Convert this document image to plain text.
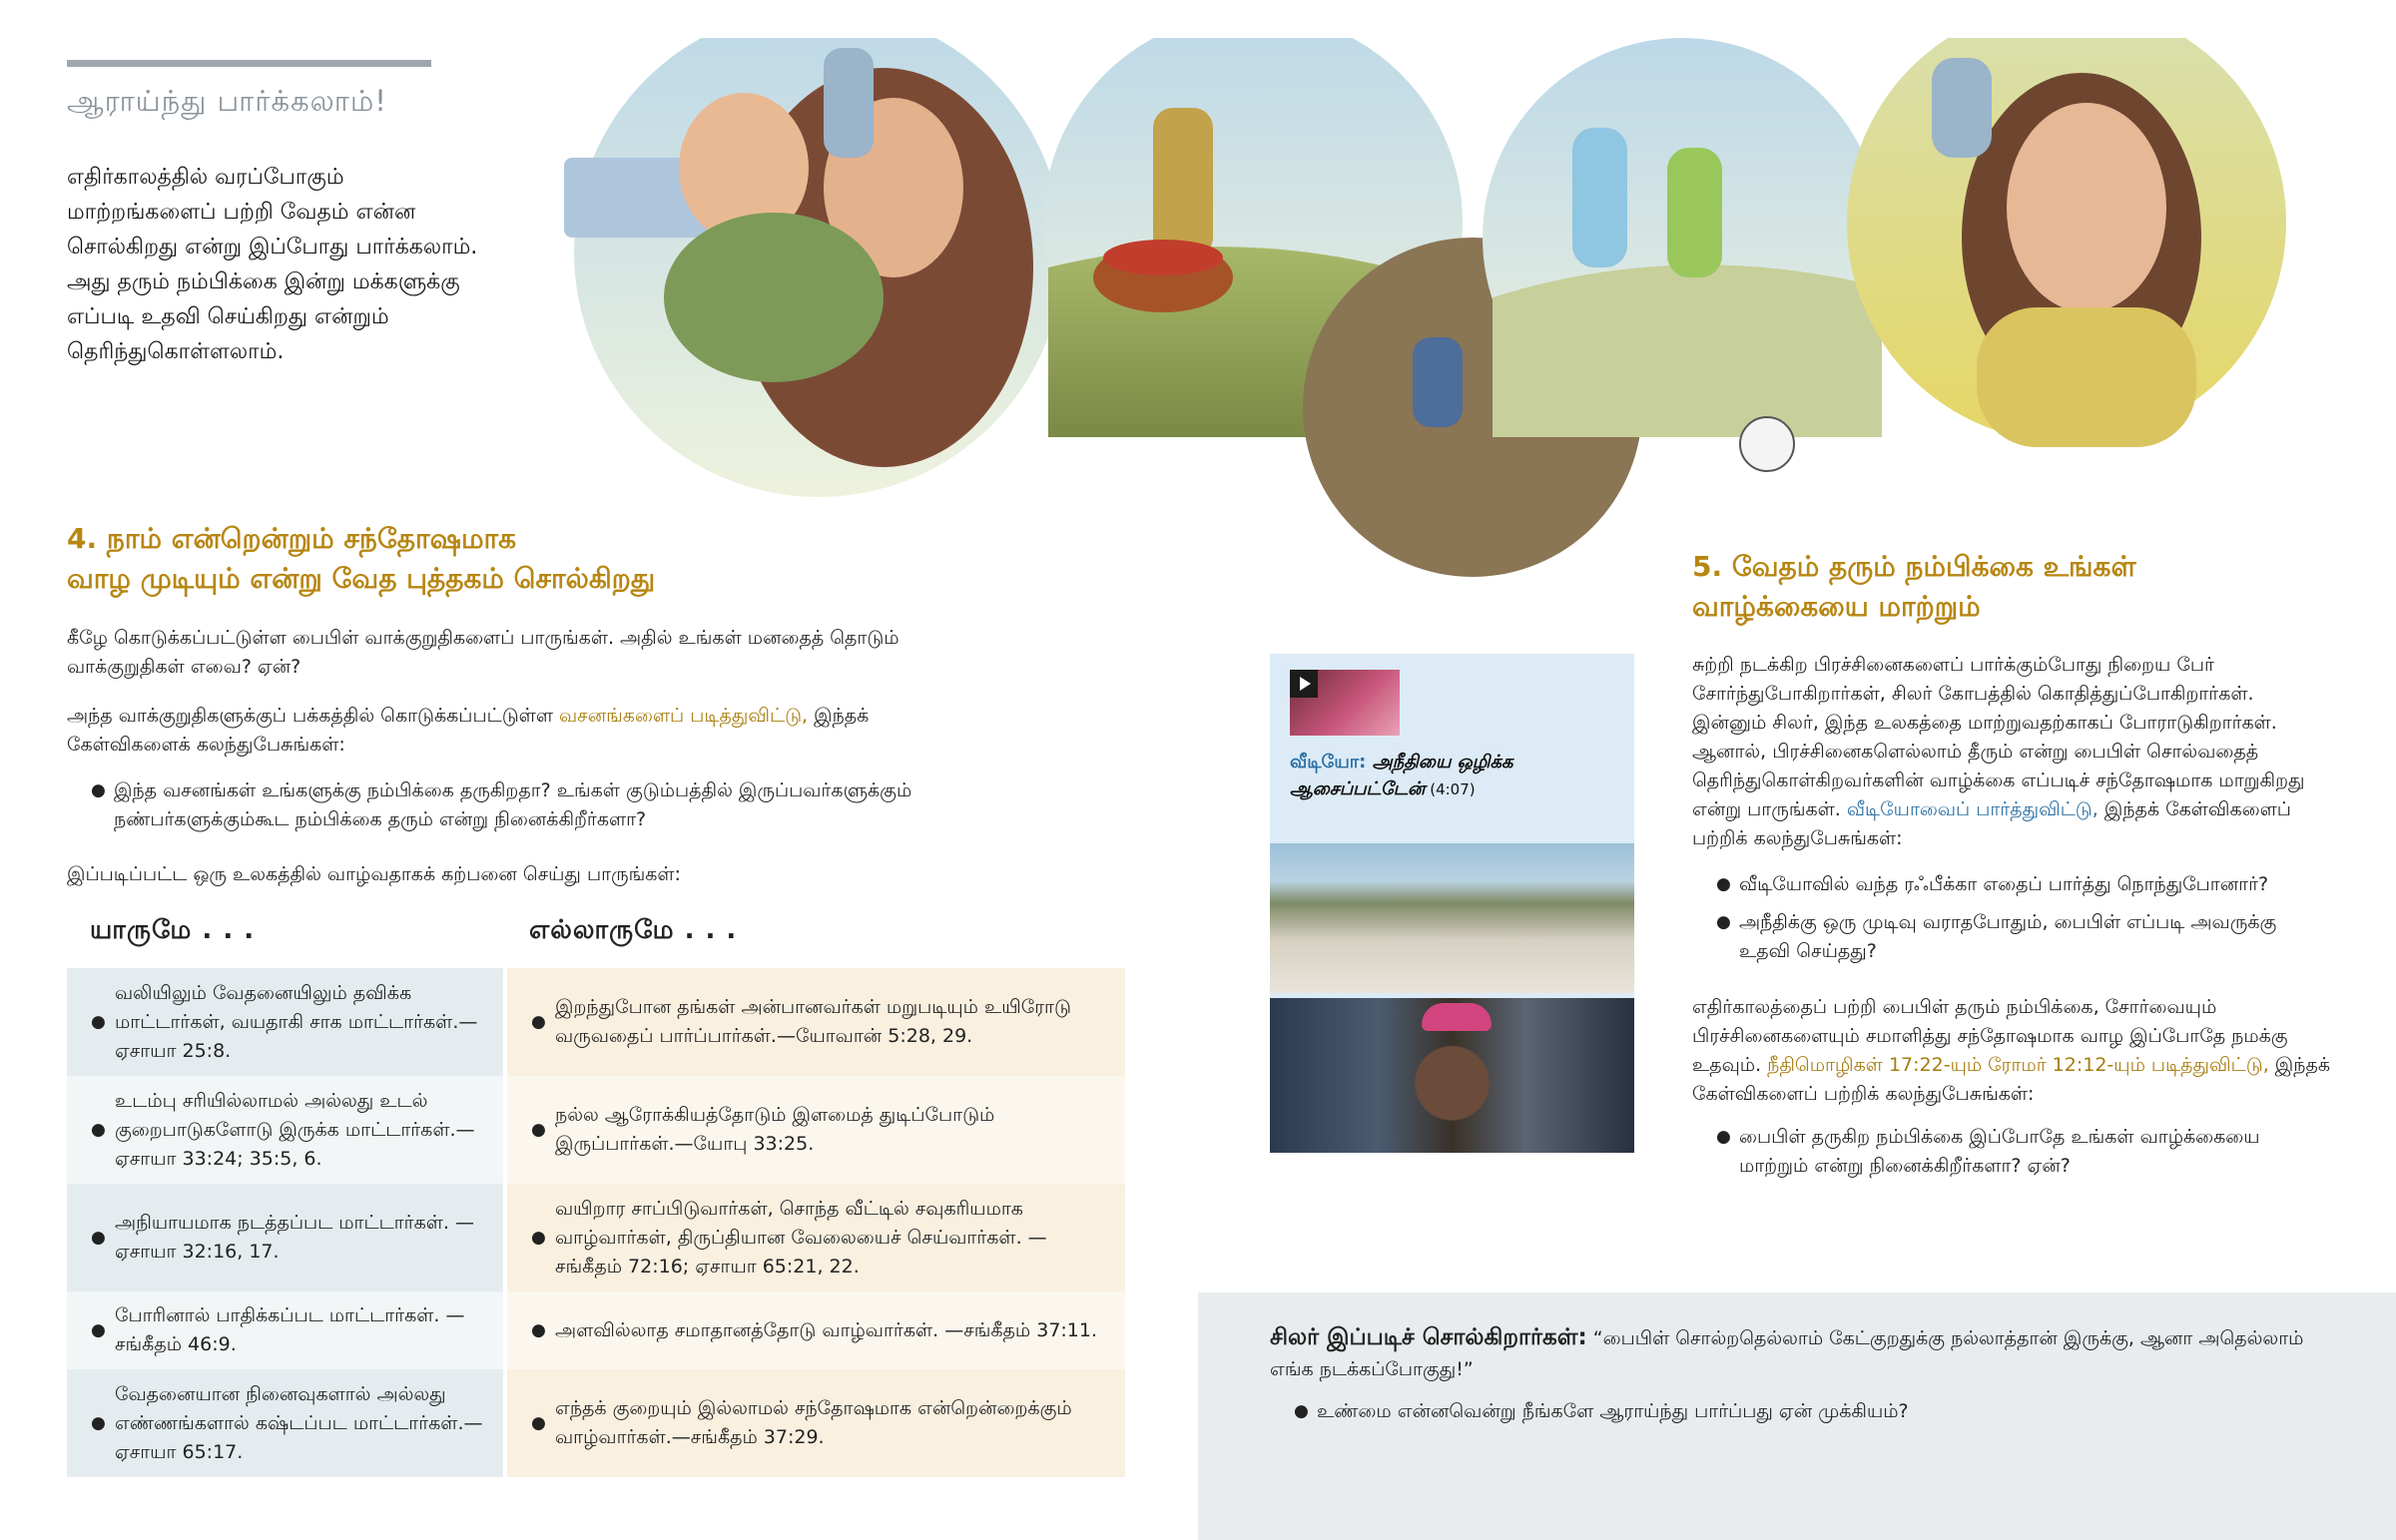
ஆராய்ந்து பார்க்கலாம்!
எதிர்காலத்தில் வரப்போகும் மாற்றங்களைப் பற்றி வேதம் என்ன சொல்கிறது என்று இப்போது பார்க்கலாம். அது தரும் நம்பிக்கை இன்று மக்களுக்கு எப்படி உதவி செய்கிறது என்றும் தெரிந்துகொள்ளலாம்.
4. நாம் என்றென்றும் சந்தோஷமாக
வாழ முடியும் என்று வேத புத்தகம் சொல்கிறது
கீழே கொடுக்கப்பட்டுள்ள பைபிள் வாக்குறுதிகளைப் பாருங்கள். அதில் உங்கள் மனதைத் தொடும் வாக்குறுதிகள் எவை? ஏன்?
அந்த வாக்குறுதிகளுக்குப் பக்கத்தில் கொடுக்கப்பட்டுள்ள வசனங்களைப் படித்துவிட்டு, இந்தக் கேள்விகளைக் கலந்துபேசுங்கள்:
● இந்த வசனங்கள் உங்களுக்கு நம்பிக்கை தருகிறதா? உங்கள் குடும்பத்தில் இருப்பவர்களுக்கும் நண்பர்களுக்கும்கூட நம்பிக்கை தரும் என்று நினைக்கிறீர்களா?
இப்படிப்பட்ட ஒரு உலகத்தில் வாழ்வதாகக் கற்பனை செய்து பாருங்கள்:
யாருமே . . .	எல்லாருமே . . .
●
வலியிலும் வேதனையிலும் தவிக்க மாட்டார்கள், வயதாகி சாக மாட்டார்கள்.—ஏசாயா 25:8.
●
இறந்துபோன தங்கள் அன்பானவர்கள் மறுபடியும் உயிரோடு வருவதைப் பார்ப்பார்கள்.—யோவான் 5:28, 29.
●
உடம்பு சரியில்லாமல் அல்லது உடல் குறைபாடுகளோடு இருக்க மாட்டார்கள்.—ஏசாயா 33:24; 35:5, 6.
●
நல்ல ஆரோக்கியத்தோடும் இளமைத் துடிப்போடும் இருப்பார்கள்.—யோபு 33:25.
●
அநியாயமாக நடத்தப்பட மாட்டார்கள். —ஏசாயா 32:16, 17.
●
வயிறார சாப்பிடுவார்கள், சொந்த வீட்டில் சவுகரியமாக வாழ்வார்கள், திருப்தியான வேலையைச் செய்வார்கள். —சங்கீதம் 72:16; ஏசாயா 65:21, 22.
●
போரினால் பாதிக்கப்பட மாட்டார்கள். —சங்கீதம் 46:9.
● அளவில்லாத சமாதானத்தோடு வாழ்வார்கள். —சங்கீதம் 37:11.
●
வேதனையான நினைவுகளால் அல்லது எண்ணங்களால் கஷ்டப்பட மாட்டார்கள்.—ஏசாயா 65:17.
●
எந்தக் குறையும் இல்லாமல் சந்தோஷமாக என்றென்றைக்கும் வாழ்வார்கள்.—சங்கீதம் 37:29.
வீடியோ: அநீதியை ஒழிக்க ஆசைப்பட்டேன் (4:07)
5. வேதம் தரும் நம்பிக்கை உங்கள்
வாழ்க்கையை மாற்றும்
சுற்றி நடக்கிற பிரச்சினைகளைப் பார்க்கும்போது நிறைய பேர் சோர்ந்துபோகிறார்கள், சிலர் கோபத்தில் கொதித்துப்போகிறார்கள். இன்னும் சிலர், இந்த உலகத்தை மாற்றுவதற்காகப் போராடுகிறார்கள். ஆனால், பிரச்சினைகளெல்லாம் தீரும் என்று பைபிள் சொல்வதைத் தெரிந்துகொள்கிறவர்களின் வாழ்க்கை எப்படிச் சந்தோஷமாக மாறுகிறது என்று பாருங்கள். வீடியோவைப் பார்த்துவிட்டு, இந்தக் கேள்விகளைப் பற்றிக் கலந்துபேசுங்கள்:
● வீடியோவில் வந்த ரஃபீக்கா எதைப் பார்த்து நொந்துபோனார்?
● அநீதிக்கு ஒரு முடிவு வராதபோதும், பைபிள் எப்படி அவருக்கு உதவி செய்தது?
எதிர்காலத்தைப் பற்றி பைபிள் தரும் நம்பிக்கை, சோர்வையும் பிரச்சினைகளையும் சமாளித்து சந்தோஷமாக வாழ இப்போதே நமக்கு உதவும். நீதிமொழிகள் 17:22-யும் ரோமர் 12:12-யும் படித்துவிட்டு, இந்தக் கேள்விகளைப் பற்றிக் கலந்துபேசுங்கள்:
● பைபிள் தருகிற நம்பிக்கை இப்போதே உங்கள் வாழ்க்கையை மாற்றும் என்று நினைக்கிறீர்களா? ஏன்?
சிலர் இப்படிச் சொல்கிறார்கள்: “பைபிள் சொல்றதெல்லாம் கேட்குறதுக்கு நல்லாத்தான் இருக்கு, ஆனா அதெல்லாம் எங்க நடக்கப்போகுது!”
● உண்மை என்னவென்று நீங்களே ஆராய்ந்து பார்ப்பது ஏன் முக்கியம்?
